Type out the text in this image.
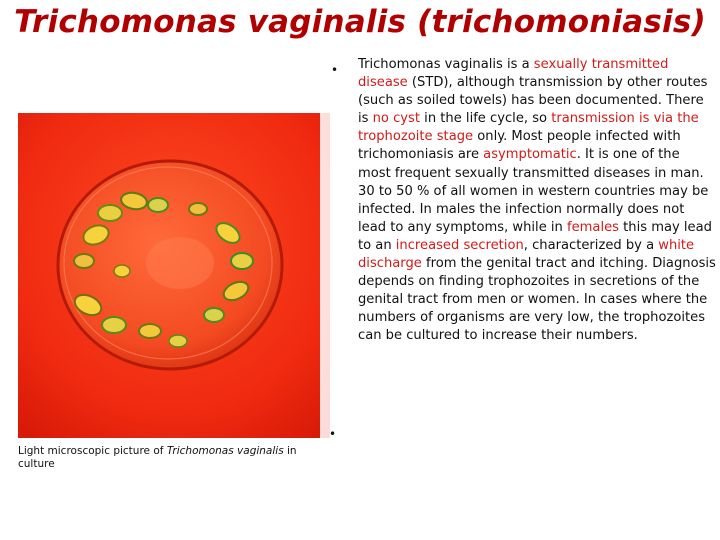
Trichomonas vaginalis (trichomoniasis)
Light microscopic picture of Trichomonas vaginalis in culture
•
•
Trichomonas vaginalis is a sexually transmitted disease (STD), although transmission by other routes (such as soiled towels) has been documented. There is no cyst in the life cycle, so transmission is via the trophozoite stage only. Most people infected with trichomoniasis are asymptomatic. It is one of the most frequent sexually transmitted diseases in man. 30 to 50 % of all women in western countries may be infected. In males the infection normally does not lead to any symptoms, while in females this may lead to an increased secretion, characterized by a white discharge from the genital tract and itching. Diagnosis depends on finding trophozoites in secretions of the genital tract from men or women. In cases where the numbers of organisms are very low, the trophozoites can be cultured to increase their numbers.
